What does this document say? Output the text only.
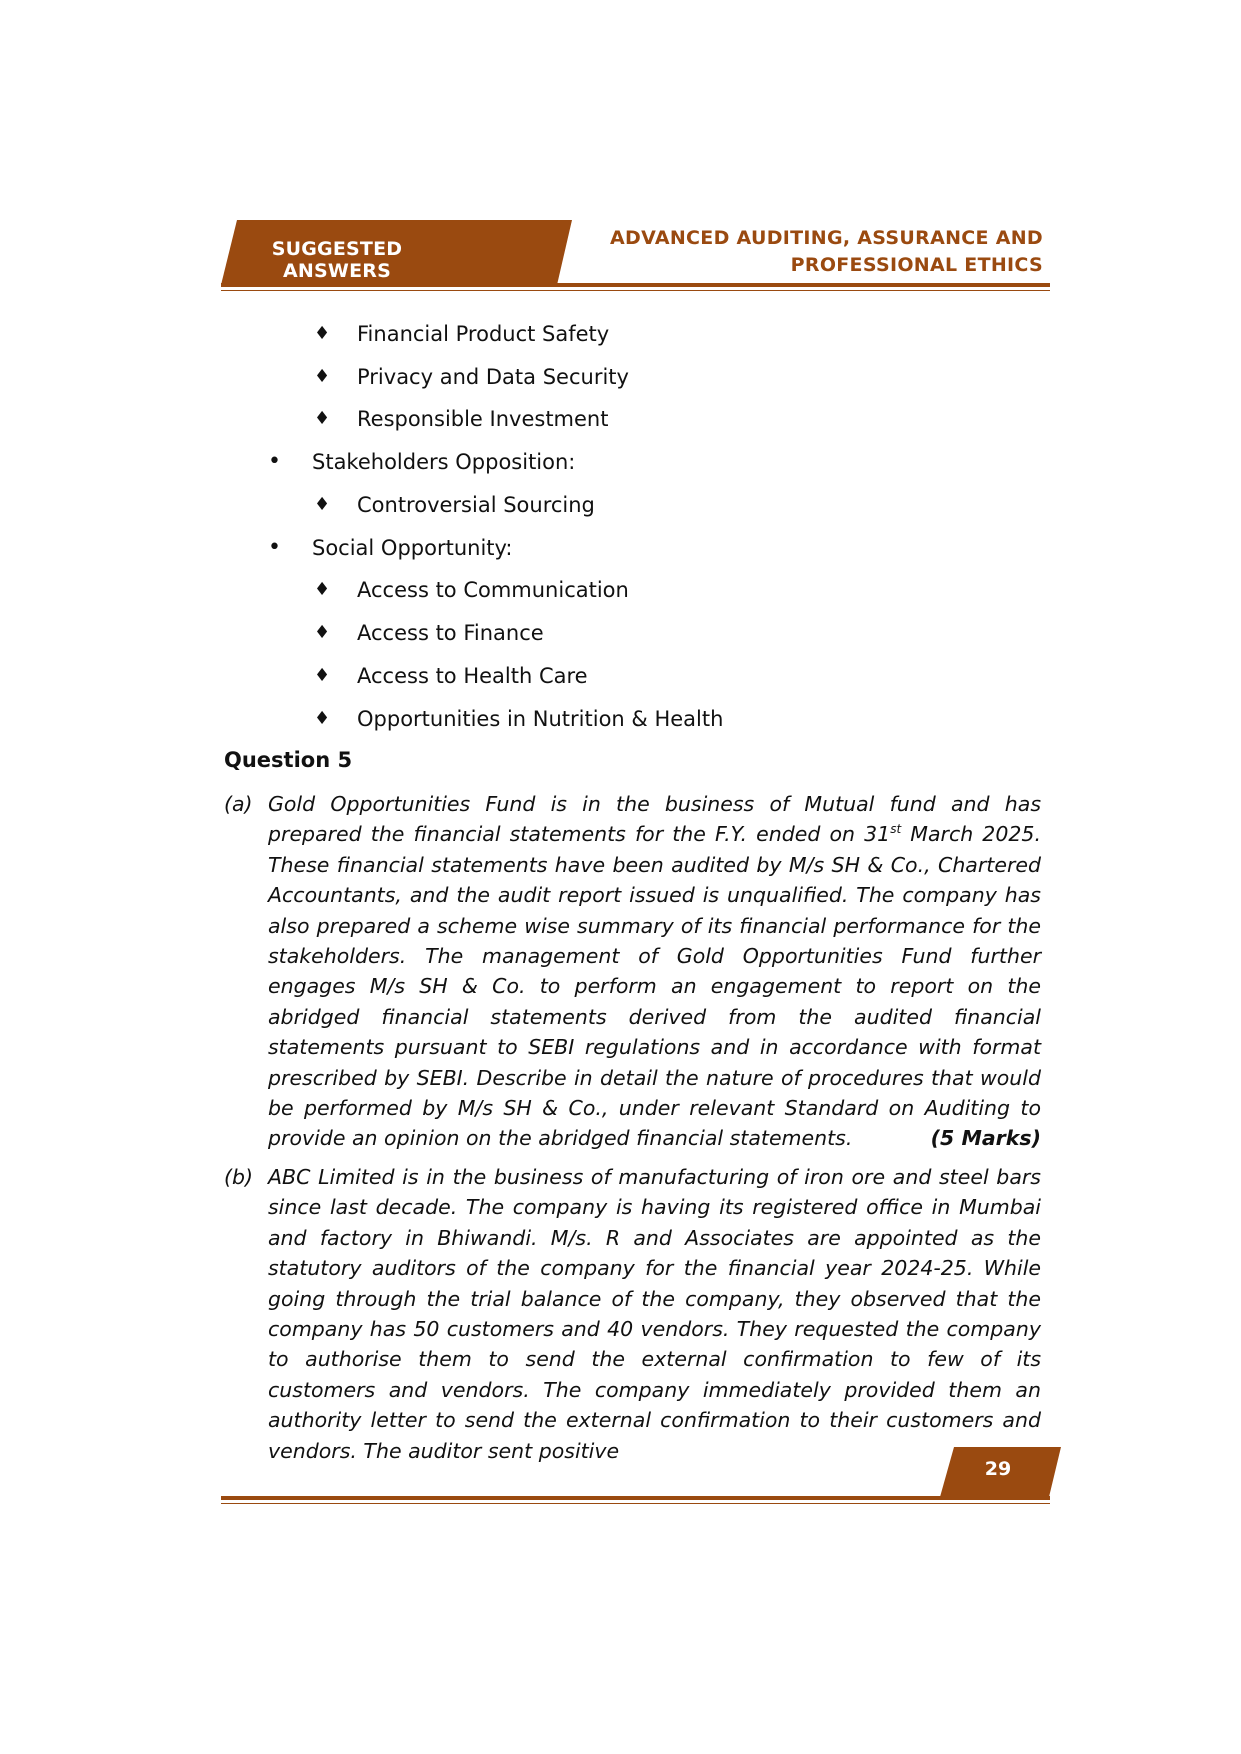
SUGGESTED ANSWERS
ADVANCED AUDITING, ASSURANCE AND
PROFESSIONAL ETHICS
♦ Financial Product Safety
♦ Privacy and Data Security
♦ Responsible Investment
• Stakeholders Opposition:
♦ Controversial Sourcing
• Social Opportunity:
♦ Access to Communication
♦ Access to Finance
♦ Access to Health Care
♦ Opportunities in Nutrition & Health
Question 5
(a) Gold Opportunities Fund is in the business of Mutual fund and has prepared the financial statements for the F.Y. ended on 31st March 2025. These financial statements have been audited by M/s SH & Co., Chartered Accountants, and the audit report issued is unqualified. The company has also prepared a scheme wise summary of its financial performance for the stakeholders. The management of Gold Opportunities Fund further engages M/s SH & Co. to perform an engagement to report on the abridged financial statements derived from the audited financial statements pursuant to SEBI regulations and in accordance with format prescribed by SEBI. Describe in detail the nature of procedures that would be performed by M/s SH & Co., under relevant Standard on Auditing to provide an opinion on the abridged financial statements.	(5 Marks)
(b) ABC Limited is in the business of manufacturing of iron ore and steel bars since last decade. The company is having its registered office in Mumbai and factory in Bhiwandi. M/s. R and Associates are appointed as the statutory auditors of the company for the financial year 2024-25. While going through the trial balance of the company, they observed that the company has 50 customers and 40 vendors. They requested the company to authorise them to send the external confirmation to few of its customers and vendors. The company immediately provided them an authority letter to send the external confirmation to their customers and vendors. The auditor sent positive
29
